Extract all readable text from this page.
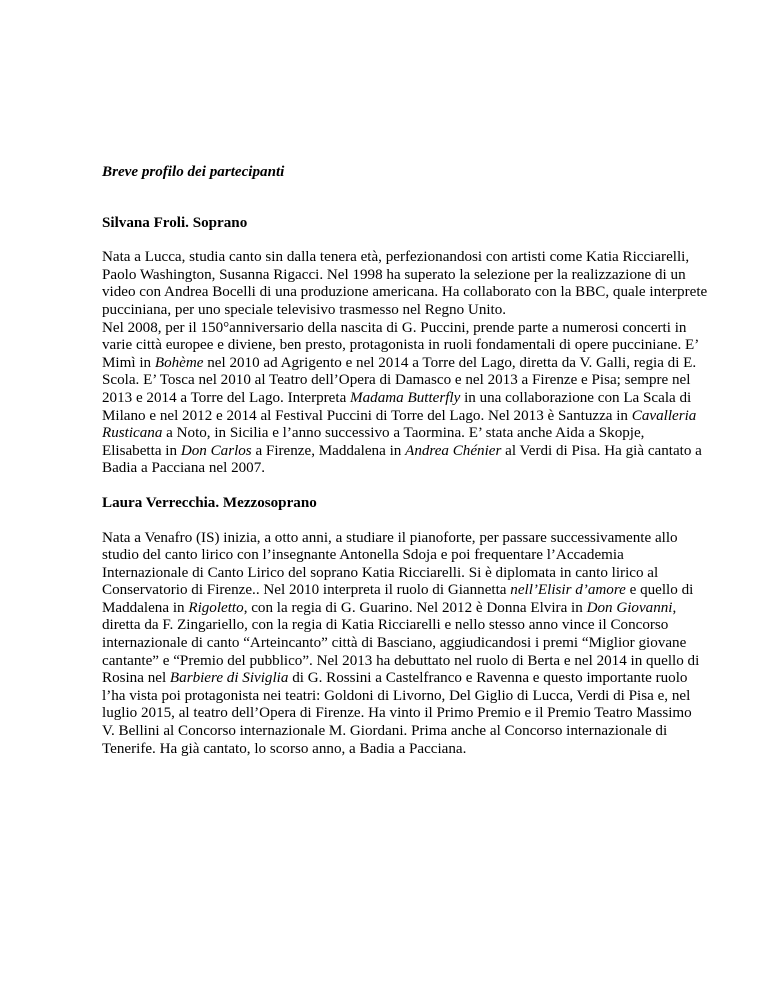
Breve profilo dei partecipanti
Silvana Froli. Soprano
Nata a Lucca, studia canto sin dalla tenera età, perfezionandosi con artisti come Katia Ricciarelli,
Paolo Washington, Susanna Rigacci. Nel 1998 ha superato la selezione per la realizzazione di un
video con Andrea Bocelli di una produzione americana. Ha collaborato con la BBC, quale interprete
pucciniana, per uno speciale televisivo trasmesso nel Regno Unito.
Nel 2008, per il 150°anniversario della nascita di G. Puccini, prende parte a numerosi concerti in
varie città europee e diviene, ben presto, protagonista in ruoli fondamentali di opere pucciniane. E’
Mimì in Bohème nel 2010 ad Agrigento e nel 2014 a Torre del Lago, diretta da V. Galli, regia di E.
Scola. E’ Tosca nel 2010 al Teatro dell’Opera di Damasco e nel 2013 a Firenze e Pisa; sempre nel
2013 e 2014 a Torre del Lago. Interpreta Madama Butterfly in una collaborazione con La Scala di
Milano e nel 2012 e 2014 al Festival Puccini di Torre del Lago. Nel 2013 è Santuzza in Cavalleria
Rusticana a Noto, in Sicilia e l’anno successivo a Taormina. E’ stata anche Aida a Skopje,
Elisabetta in Don Carlos a Firenze, Maddalena in Andrea Chénier al Verdi di Pisa. Ha già cantato a
Badia a Pacciana nel 2007.
Laura Verrecchia. Mezzosoprano
Nata a Venafro (IS) inizia, a otto anni, a studiare il pianoforte, per passare successivamente allo
studio del canto lirico con l’insegnante Antonella Sdoja e poi frequentare l’Accademia
Internazionale di Canto Lirico del soprano Katia Ricciarelli. Si è diplomata in canto lirico al
Conservatorio di Firenze.. Nel 2010 interpreta il ruolo di Giannetta nell’Elisir d’amore e quello di
Maddalena in Rigoletto, con la regia di G. Guarino. Nel 2012 è Donna Elvira in Don Giovanni,
diretta da F. Zingariello, con la regia di Katia Ricciarelli e nello stesso anno vince il Concorso
internazionale di canto “Arteincanto” città di Basciano, aggiudicandosi i premi “Miglior giovane
cantante” e “Premio del pubblico”. Nel 2013 ha debuttato nel ruolo di Berta e nel 2014 in quello di
Rosina nel Barbiere di Siviglia di G. Rossini a Castelfranco e Ravenna e questo importante ruolo
l’ha vista poi protagonista nei teatri: Goldoni di Livorno, Del Giglio di Lucca, Verdi di Pisa e, nel
luglio 2015, al teatro dell’Opera di Firenze. Ha vinto il Primo Premio e il Premio Teatro Massimo
V. Bellini al Concorso internazionale M. Giordani. Prima anche al Concorso internazionale di
Tenerife. Ha già cantato, lo scorso anno, a Badia a Pacciana.
